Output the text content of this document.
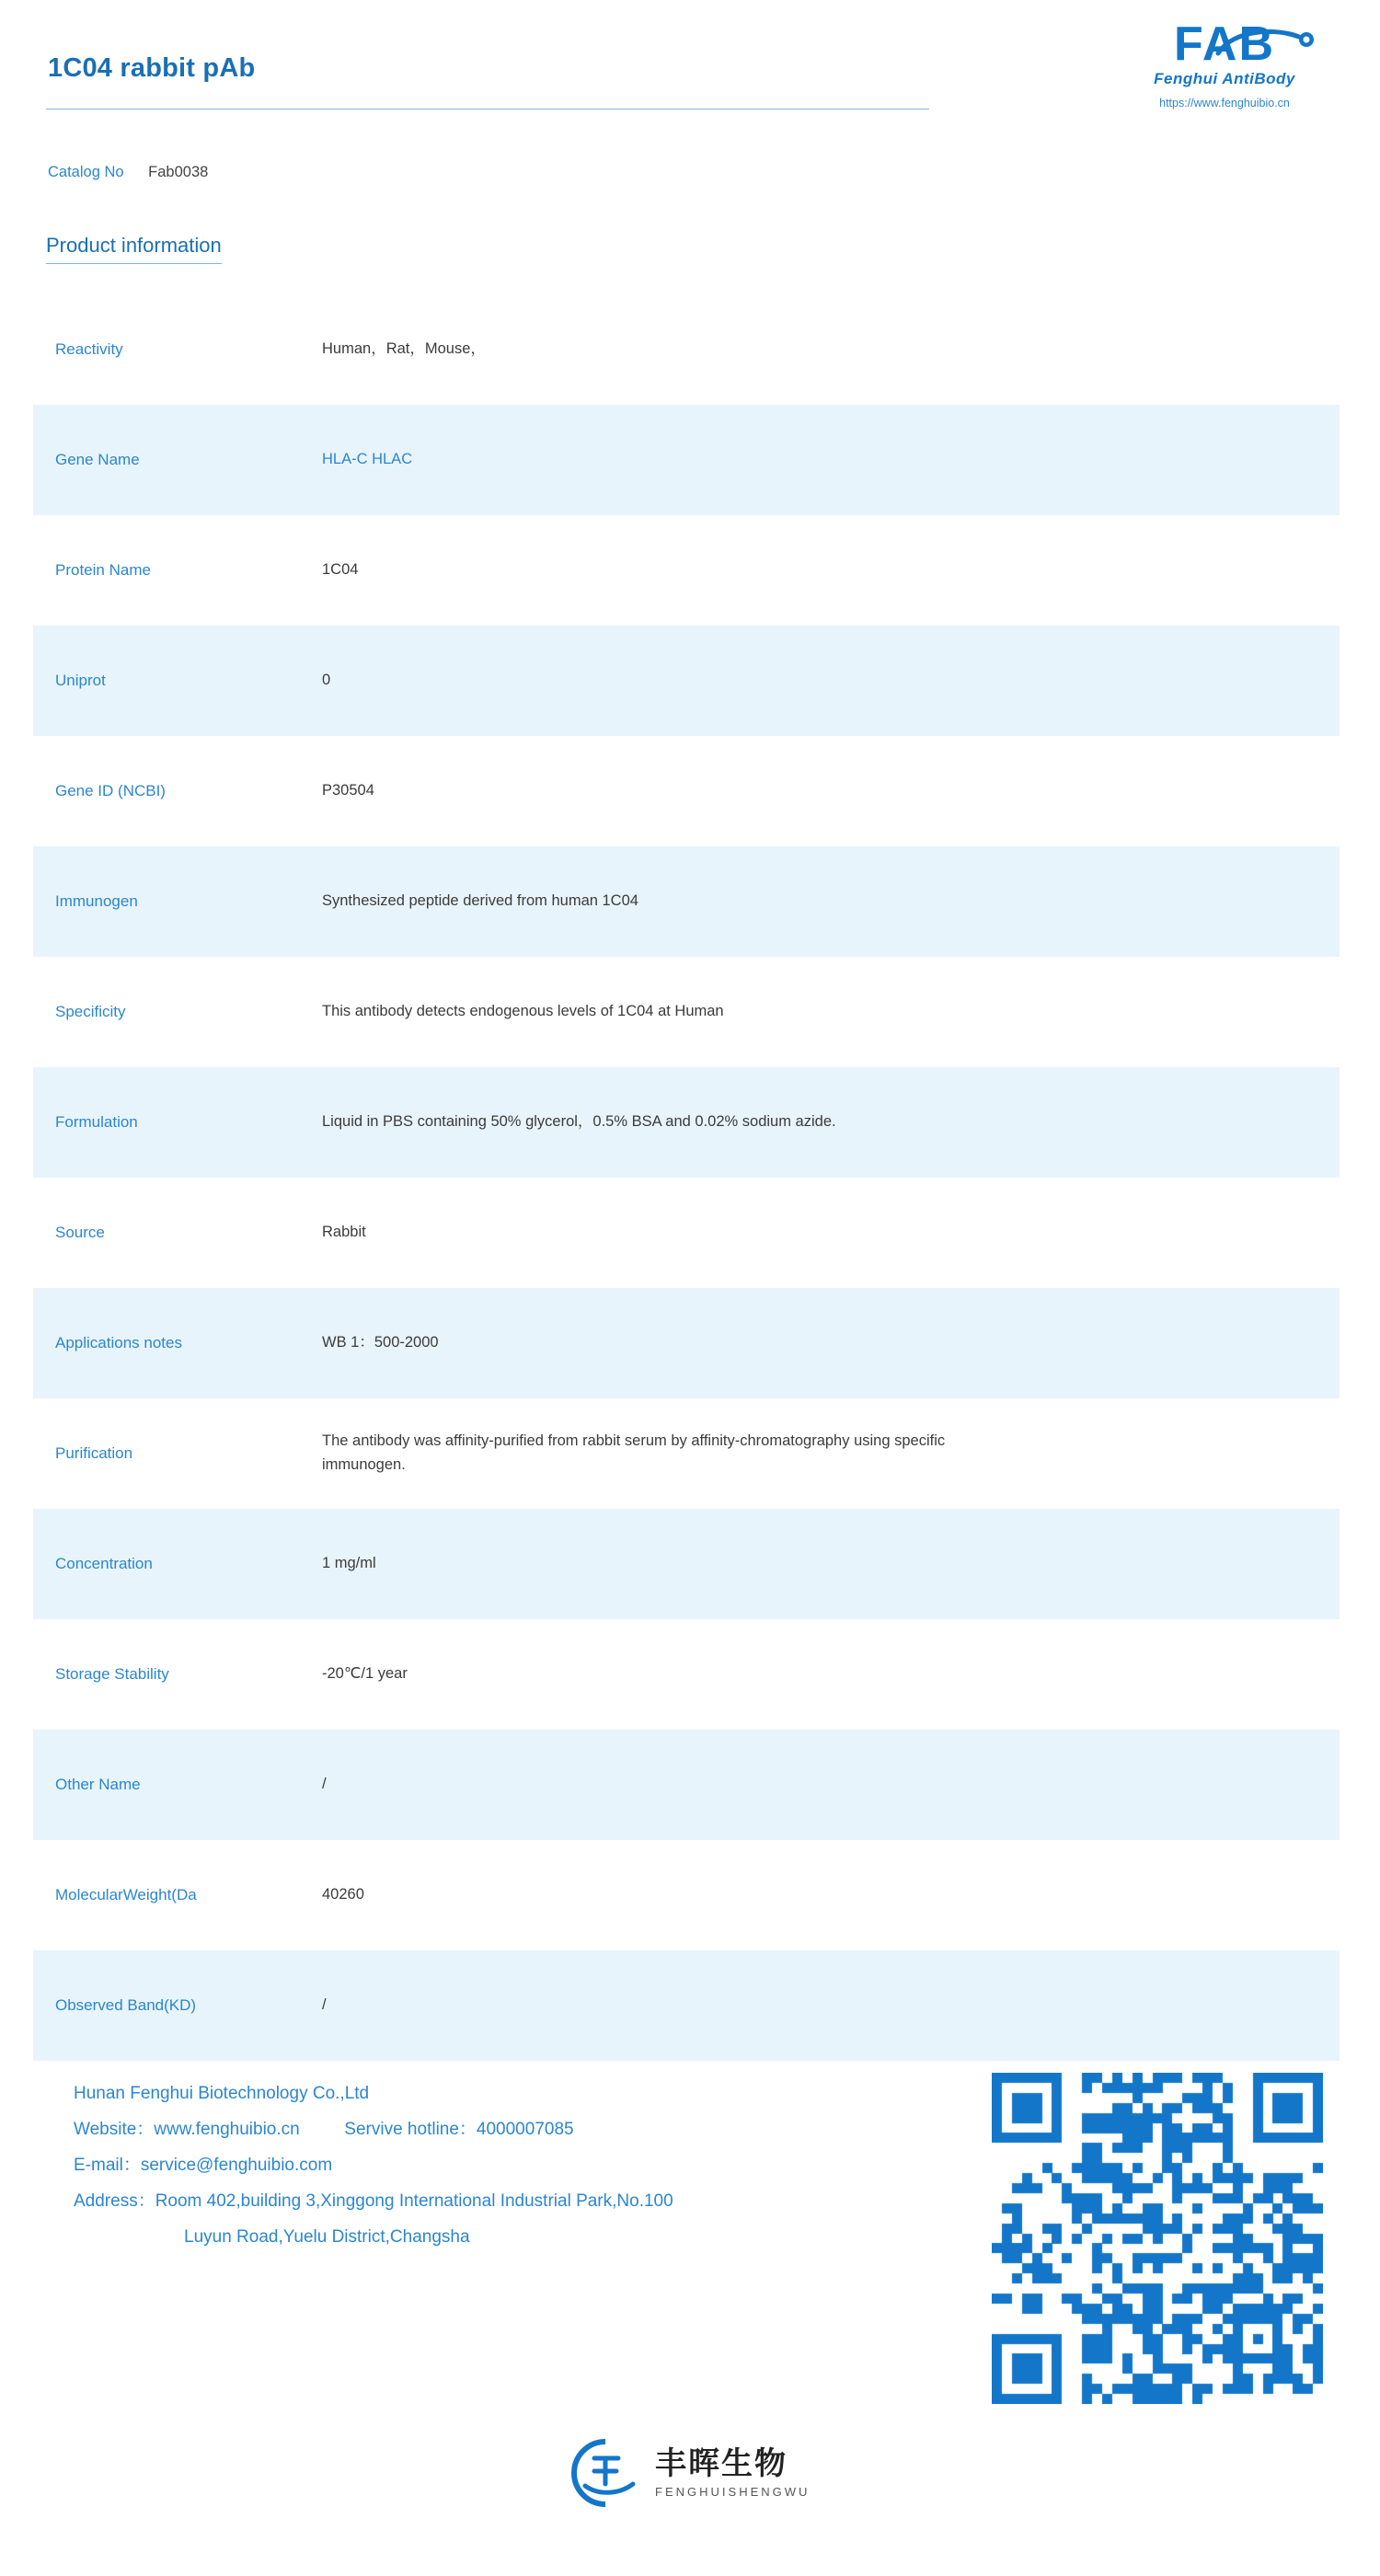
1C04 rabbit pAb	FAB
Fenghui AntiBody
https://www.fenghuibio.cn
Catalog No Fab0038
Product information
Reactivity	Human，Rat，Mouse，
Gene Name	HLA-C HLAC
Protein Name	1C04
Uniprot	0
Gene ID (NCBI)	P30504
Immunogen	Synthesized peptide derived from human 1C04
Specificity	This antibody detects endogenous levels of 1C04 at Human
Formulation	Liquid in PBS containing 50% glycerol，0.5% BSA and 0.02% sodium azide.
Source	Rabbit
Applications notes	WB 1：500-2000
Purification	The antibody was affinity-purified from rabbit serum by affinity-chromatography using specific immunogen.
Concentration	1 mg/ml
Storage Stability	-20℃/1 year
Other Name	/
MolecularWeight(Da	40260
Observed Band(KD)	/
Hunan Fenghui Biotechnology Co.,Ltd
Website：www.fenghuibio.cn	Servive hotline：4000007085
E-mail：service@fenghuibio.com
Address：Room 402,building 3,Xinggong International Industrial Park,No.100
Luyun Road,Yuelu District,Changsha
丰晖生物
FENGHUISHENGWU
